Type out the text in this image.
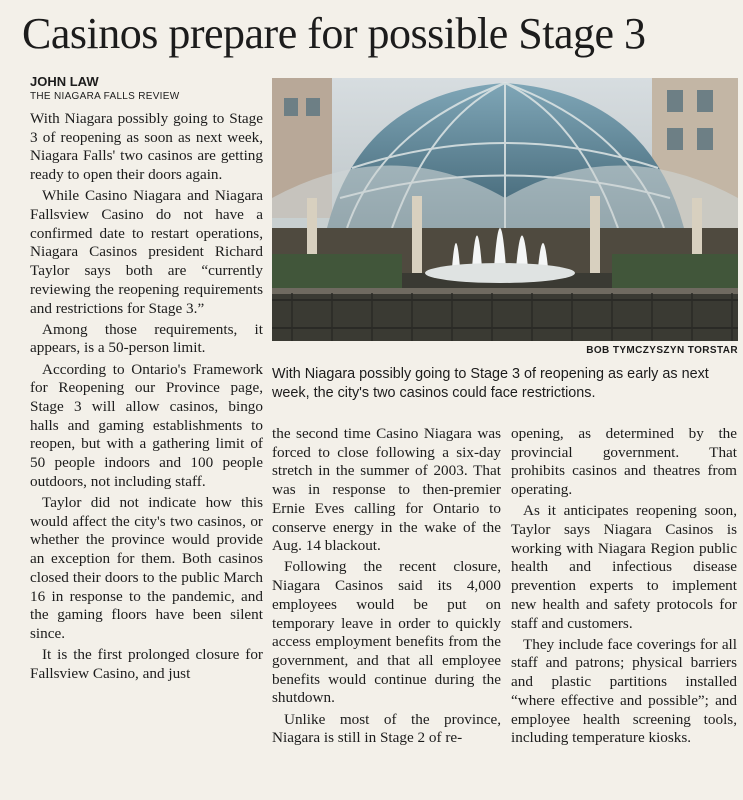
Casinos prepare for possible Stage 3
JOHN LAW
THE NIAGARA FALLS REVIEW

With Niagara possibly going to Stage 3 of reopening as soon as next week, Niagara Falls' two casinos are getting ready to open their doors again.

While Casino Niagara and Niagara Fallsview Casino do not have a confirmed date to restart operations, Niagara Casinos president Richard Taylor says both are “currently reviewing the reopening requirements and restrictions for Stage 3.”

Among those requirements, it appears, is a 50-person limit.

According to Ontario's Framework for Reopening our Province page, Stage 3 will allow casinos, bingo halls and gaming establishments to reopen, but with a gathering limit of 50 people indoors and 100 people outdoors, not including staff.

Taylor did not indicate how this would affect the city's two casinos, or whether the province would provide an exception for them. Both casinos closed their doors to the public March 16 in response to the pandemic, and the gaming floors have been silent since.

It is the first prolonged closure for Fallsview Casino, and just

BOB TYMCZYSZYN TORSTAR
With Niagara possibly going to Stage 3 of reopening as early as next week, the city's two casinos could face restrictions.

the second time Casino Niagara was forced to close following a six-day stretch in the summer of 2003. That was in response to then-premier Ernie Eves calling for Ontario to conserve energy in the wake of the Aug. 14 blackout.

Following the recent closure, Niagara Casinos said its 4,000 employees would be put on temporary leave in order to quickly access employment benefits from the government, and that all employee benefits would continue during the shutdown.

Unlike most of the province, Niagara is still in Stage 2 of re-

opening, as determined by the provincial government. That prohibits casinos and theatres from operating.

As it anticipates reopening soon, Taylor says Niagara Casinos is working with Niagara Region public health and infectious disease prevention experts to implement new health and safety protocols for staff and customers.

They include face coverings for all staff and patrons; physical barriers and plastic partitions installed “where effective and possible”; and employee health screening tools, including temperature kiosks.
